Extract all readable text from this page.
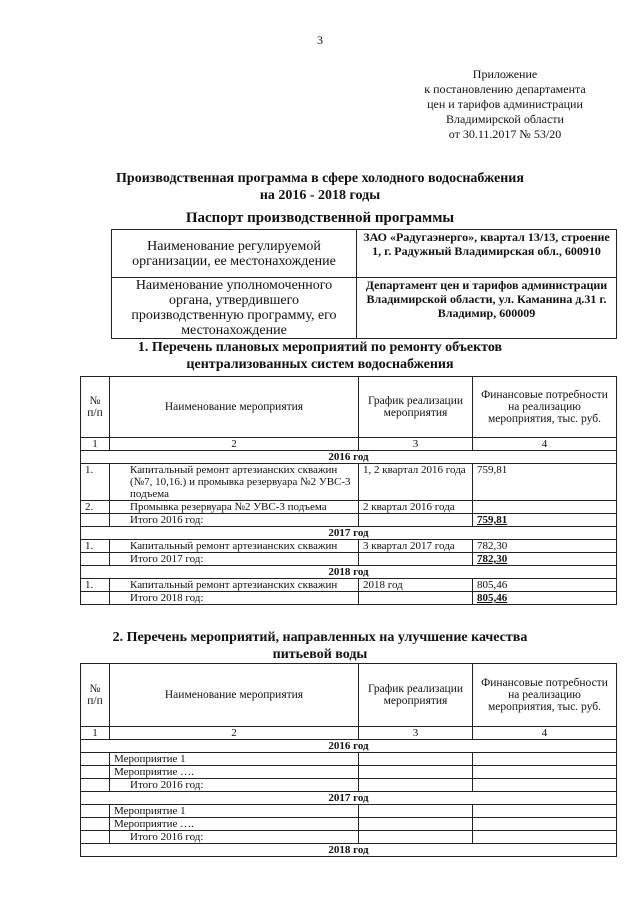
3
Приложение
к постановлению департамента
цен и тарифов администрации
Владимирской области
от 30.11.2017 № 53/20
Производственная программа в сфере холодного водоснабжения
на 2016 - 2018 годы
Паспорт производственной программы
Наименование регулируемой организации, ее местонахождение	ЗАО «Радугаэнерго», квартал 13/13, строение 1, г. Радужный Владимирская обл., 600910
Наименование уполномоченного органа, утвердившего производственную программу, его местонахождение	Департамент цен и тарифов администрации Владимирской области, ул. Каманина д.31 г. Владимир, 600009
1. Перечень плановых мероприятий по ремонту объектов
централизованных систем водоснабжения
№ п/п	Наименование мероприятия	График реализации мероприятия	Финансовые потребности на реализацию мероприятия, тыс. руб.
1	2	3	4
2016 год			
1.	Капитальный ремонт артезианских скважин (№7, 10,16.) и промывка резервуара №2 УВС-3 подъема	1, 2 квартал 2016 года	759,81
2.	Промывка резервуара №2 УВС-3 подъема	2 квартал 2016 года	
	Итого 2016 год:		759,81
2017 год			
1.	Капитальный ремонт артезианских скважин	3 квартал 2017 года	782,30
	Итого 2017 год:		782,30
2018 год			
1.	Капитальный ремонт артезианских скважин	2018 год	805,46
	Итого 2018 год:		805,46
2. Перечень мероприятий, направленных на улучшение качества
питьевой воды
№ п/п	Наименование мероприятия	График реализации мероприятия	Финансовые потребности на реализацию мероприятия, тыс. руб.
1	2	3	4
2016 год			
	Мероприятие 1		
	Мероприятие ….		
	Итого 2016 год:		
2017 год			
	Мероприятие 1		
	Мероприятие ….		
	Итого 2016 год:		
2018 год			
